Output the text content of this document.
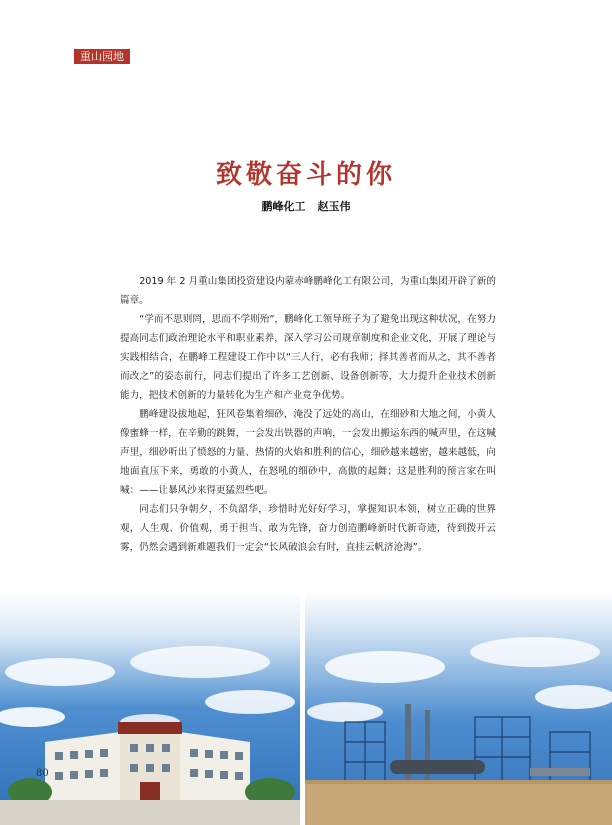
重山园地
致敬奋斗的你
鹏峰化工 赵玉伟

2019 年 2 月重山集团投资建设内蒙赤峰鹏峰化工有限公司，为重山集团开辟了新的篇章。

“学而不思则罔，思而不学则殆”，鹏峰化工领导班子为了避免出现这种状况，在努力提高同志们政治理论水平和职业素养，深入学习公司规章制度和企业文化，开展了理论与实践相结合，在鹏峰工程建设工作中以“三人行，必有我师；择其善者而从之，其不善者而改之”的姿态前行，同志们提出了许多工艺创新、设备创新等，大力提升企业技术创新能力，把技术创新的力量转化为生产和产业竞争优势。

鹏峰建设拔地起，狂风卷集着细砂，淹没了远处的高山，在细砂和大地之间，小黄人像蜜蜂一样，在辛勤的跳舞，一会发出铁器的声响，一会发出搬运东西的喊声里，在这喊声里，细砂听出了愤怒的力量、热情的火焰和胜利的信心，细砂越来越密，越来越低，向地面直压下来，勇敢的小黄人，在怒吼的细砂中，高傲的起舞；这是胜利的预言家在叫喊：——让暴风沙来得更猛烈些吧。

同志们只争朝夕，不负韶华，珍惜时光好好学习，掌握知识本领，树立正确的世界观，人生观、价值观，勇于担当、敢为先锋，奋力创造鹏峰新时代新奇迹，待到拨开云雾，仍然会遇到新难题我们一定会“长风破浪会有时，直挂云帆济沧海”。

80
